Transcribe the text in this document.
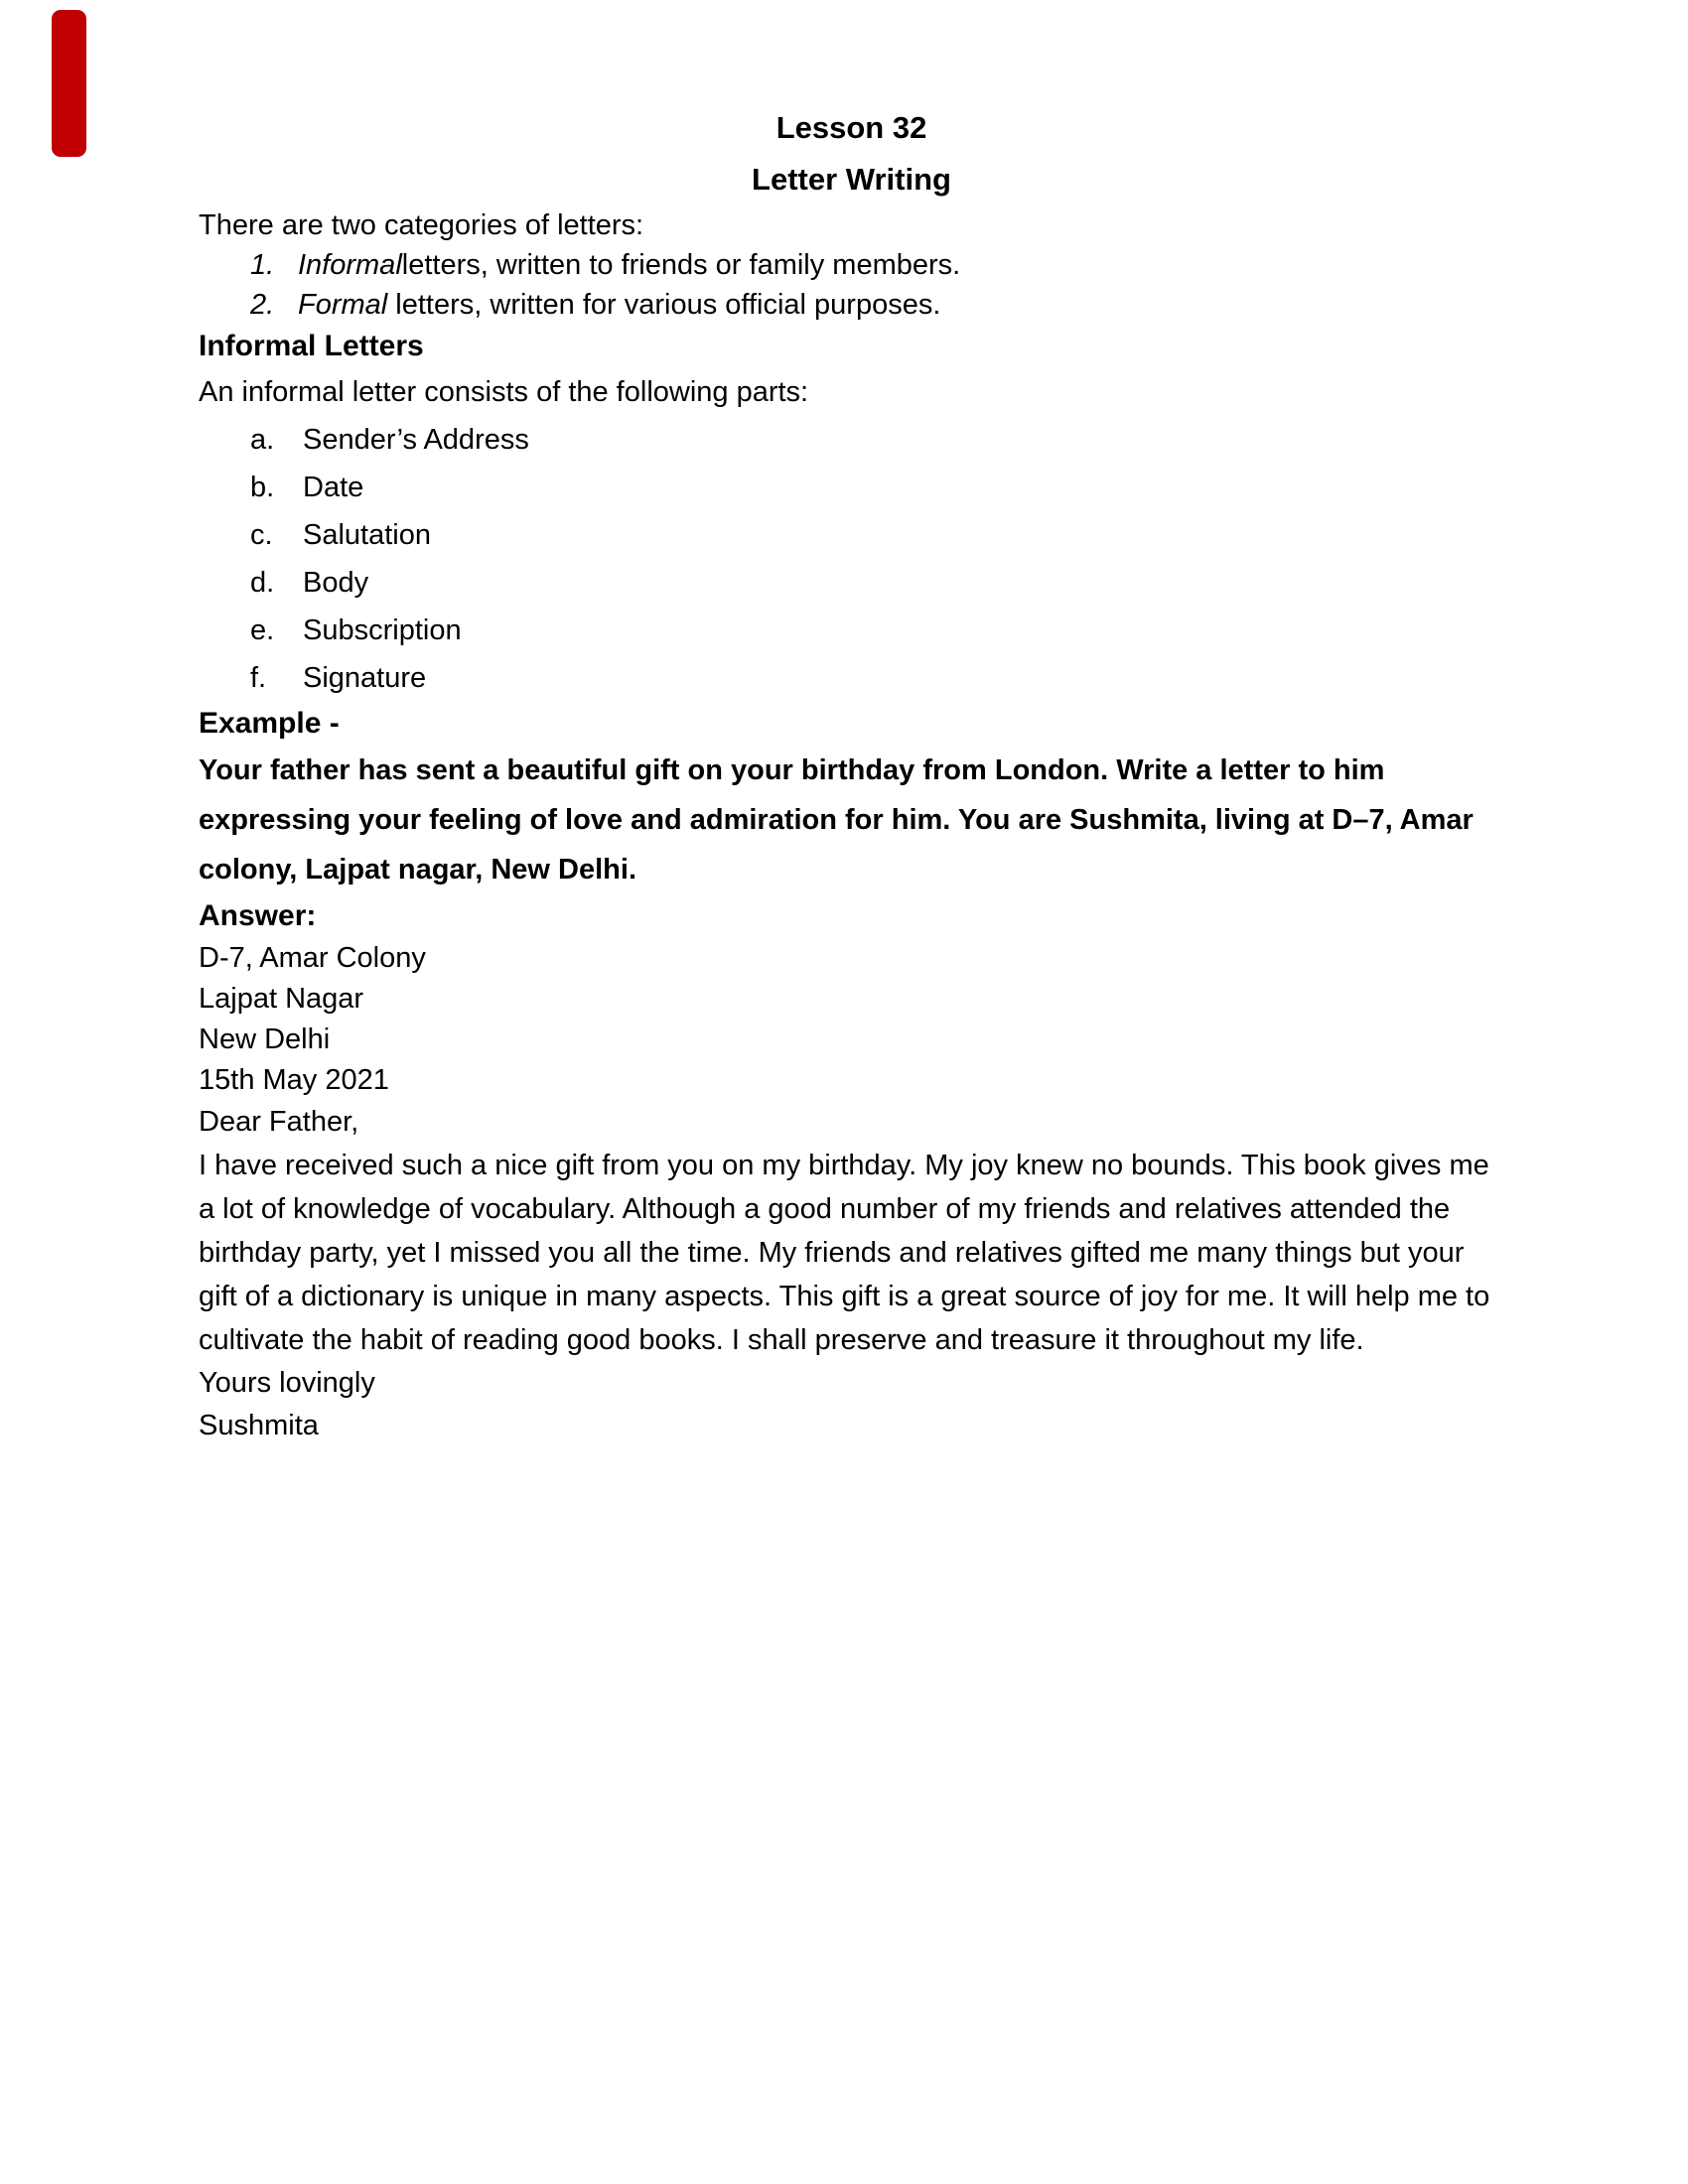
Lesson 32
Letter Writing

There are two categories of letters:

1. Informalletters, written to friends or family members.
2. Formal letters, written for various official purposes.

Informal Letters

An informal letter consists of the following parts:

a. Sender’s Address
b. Date
c.	Salutation
d. Body
e. Subscription
f.	Signature

Example -

Your father has sent a beautiful gift on your birthday from London. Write a letter to him expressing your feeling of love and admiration for him. You are Sushmita, living at D–7, Amar colony, Lajpat nagar, New Delhi.

Answer:

D-7, Amar Colony
Lajpat Nagar
New Delhi

15th May 2021

Dear Father,
I have received such a nice gift from you on my birthday. My joy knew no bounds. This book gives me a lot of knowledge of vocabulary. Although a good number of my friends and relatives attended the birthday party, yet I missed you all the time. My friends and relatives gifted me many things but your gift of a dictionary is unique in many aspects. This gift is a great source of joy for me. It will help me to cultivate the habit of reading good books. I shall preserve and treasure it throughout my life.
Yours lovingly
Sushmita
